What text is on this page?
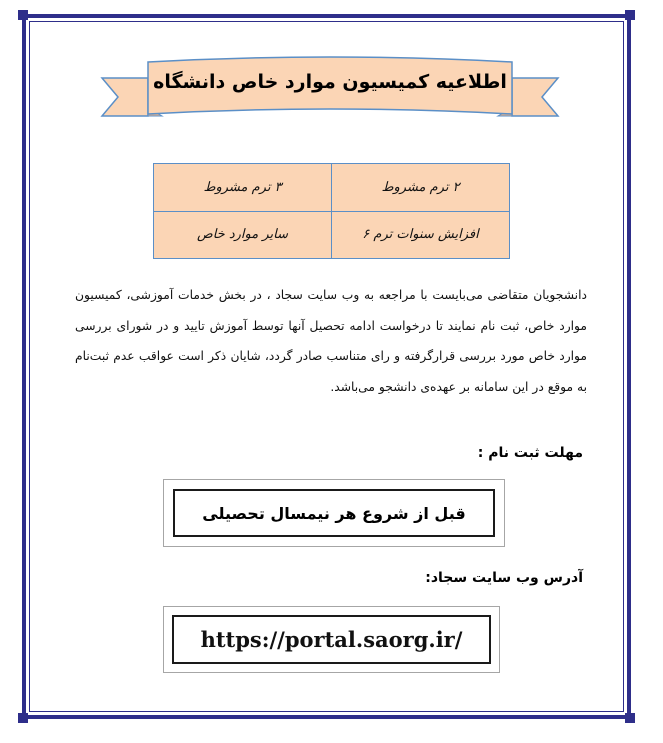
اطلاعیه کمیسیون موارد خاص دانشگاه
۲ ترم مشروط	۳ ترم مشروط
افزایش سنوات ترم ۶	سایر موارد خاص
دانشجویان متقاضی می‌بایست با مراجعه به وب سایت سجاد ، در بخش خدمات آموزشی، کمیسیون موارد خاص، ثبت نام نمایند تا درخواست ادامه تحصیل آنها توسط آموزش تایید و در شورای بررسی موارد خاص مورد بررسی قرارگرفته و رای متناسب صادر گردد، شایان ذکر است عواقب عدم ثبت‌نام به موقع در این سامانه بر عهده‌ی دانشجو می‌باشد.
مهلت ثبت نام :
قبل از شروع هر نیمسال تحصیلی
آدرس وب سایت سجاد:
https://portal.saorg.ir/
